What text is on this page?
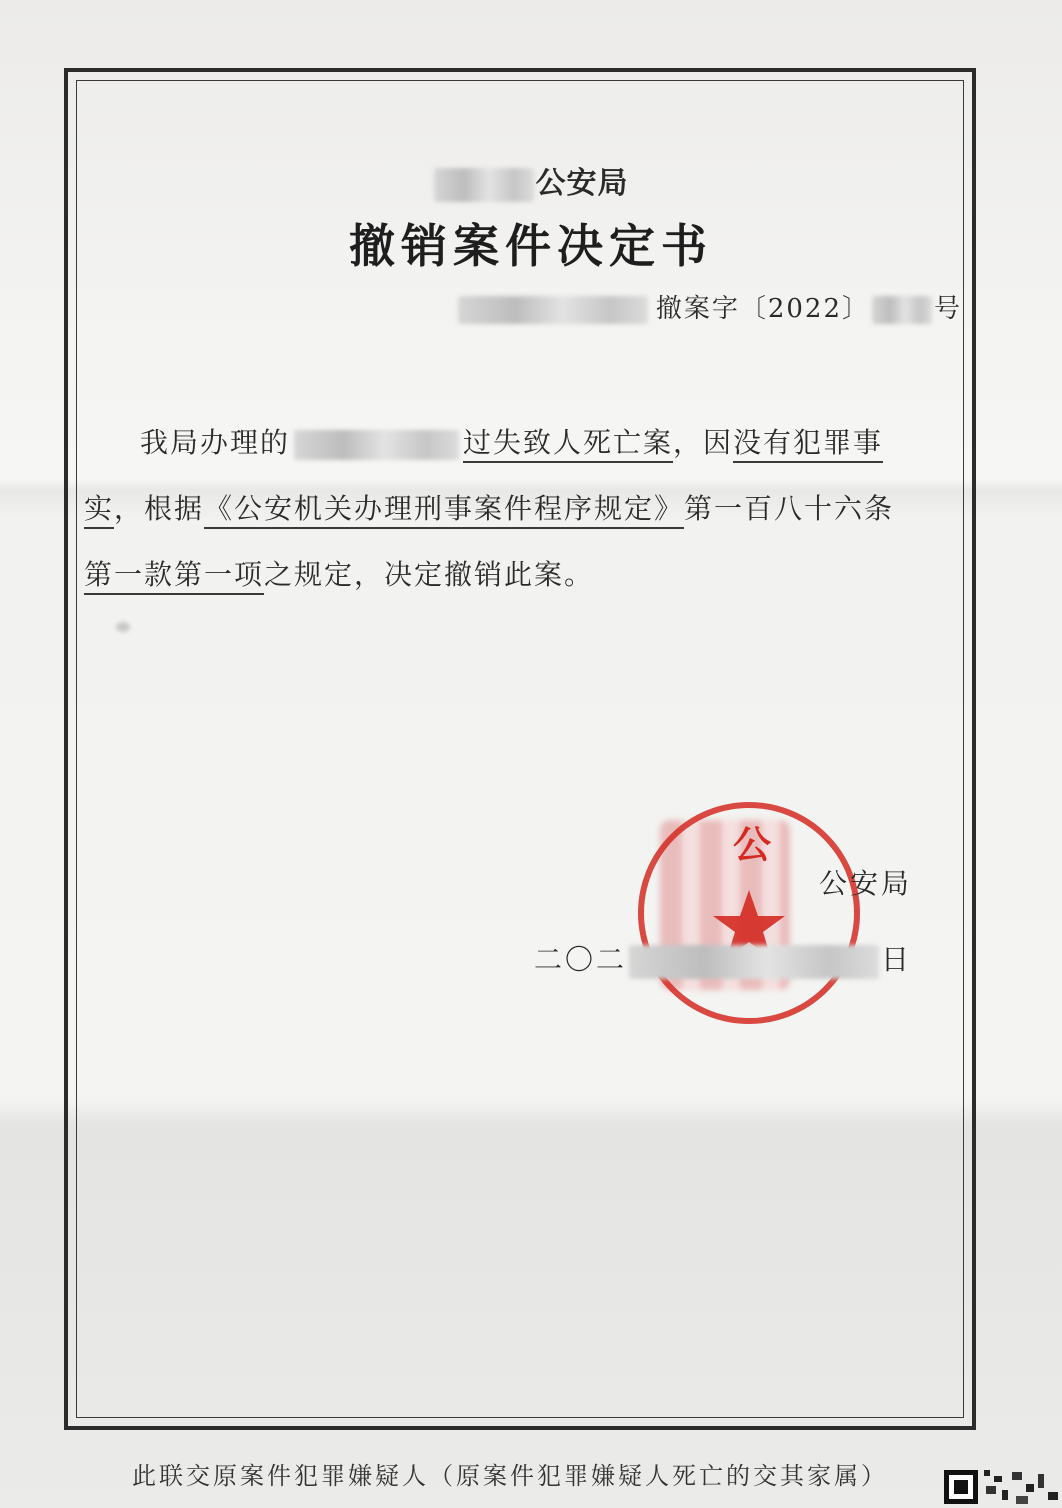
公安局
撤销案件决定书
撤案字〔2022〕 号
我局办理的	过失致人死亡案，因没有犯罪事
实，根据《公安机关办理刑事案件程序规定》第一百八十六条
第一款第一项之规定，决定撤销此案。
公
公安局
二〇二	日
此联交原案件犯罪嫌疑人（原案件犯罪嫌疑人死亡的交其家属）
